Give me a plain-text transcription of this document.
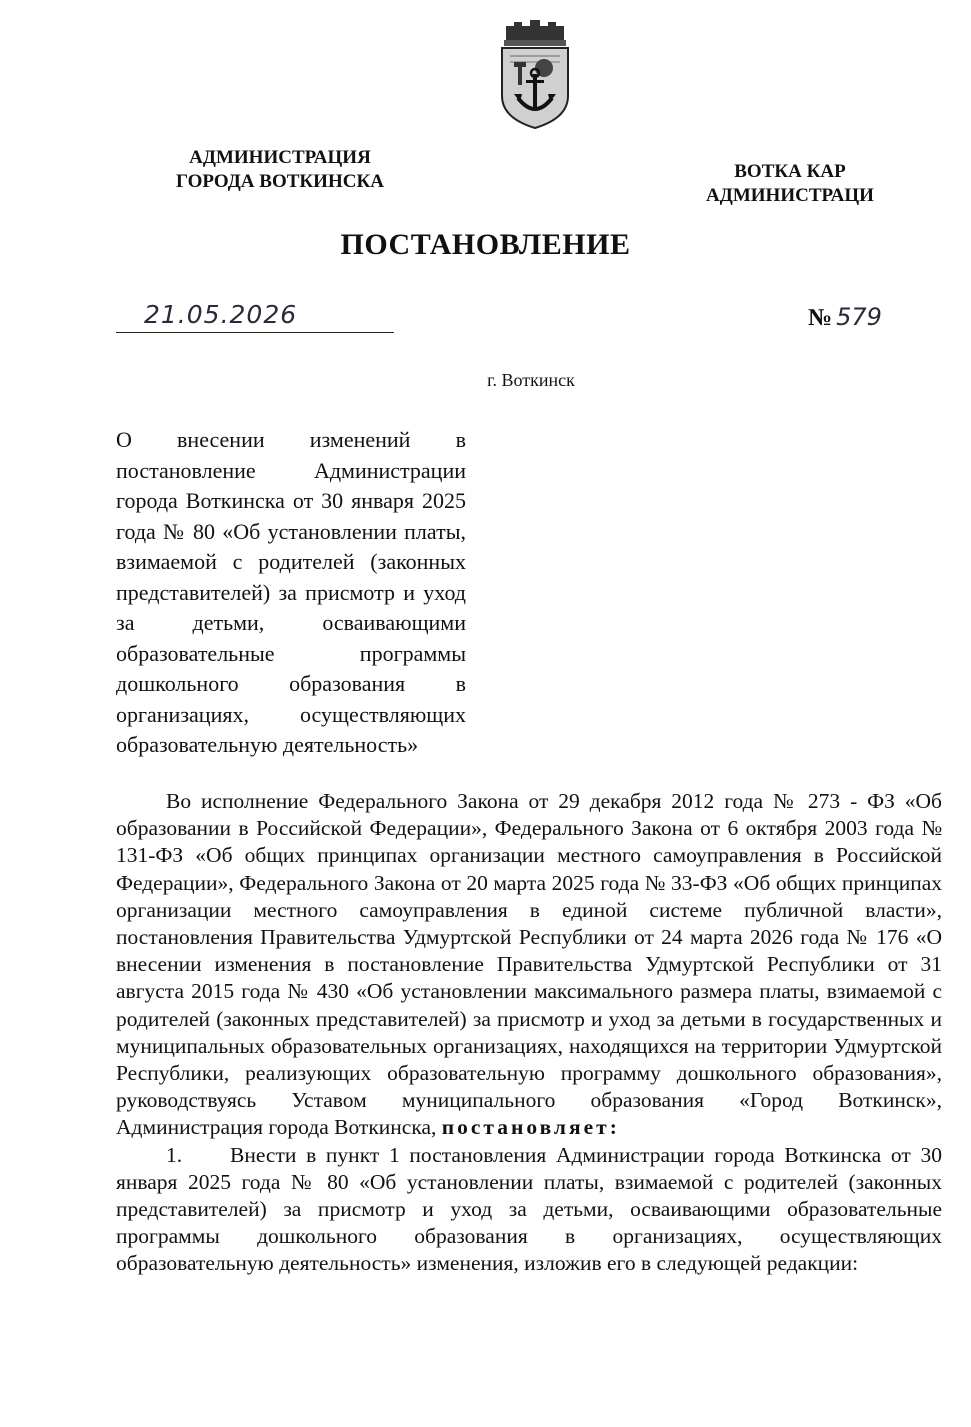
АДМИНИСТРАЦИЯ
ГОРОДА ВОТКИНСКА	ВОТКА КАР
АДМИНИСТРАЦИ
ПОСТАНОВЛЕНИЕ
21.05.2026	№ 579
г. Воткинск
О внесении изменений в постановление Администрации города Воткинска от 30 января 2025 года № 80 «Об установлении платы, взимаемой с родителей (законных представителей) за присмотр и уход за детьми, осваивающими образовательные программы дошкольного образования в организациях, осуществляющих образовательную деятельность»

Во исполнение Федерального Закона от 29 декабря 2012 года № 273 - ФЗ «Об образовании в Российской Федерации», Федерального Закона от 6 октября 2003 года № 131-ФЗ «Об общих принципах организации местного самоуправления в Российской Федерации», Федерального Закона от 20 марта 2025 года № 33-ФЗ «Об общих принципах организации местного самоуправления в единой системе публичной власти», постановления Правительства Удмуртской Республики от 24 марта 2026 года № 176 «О внесении изменения в постановление Правительства Удмуртской Республики от 31 августа 2015 года № 430 «Об установлении максимального размера платы, взимаемой с родителей (законных представителей) за присмотр и уход за детьми в государственных и муниципальных образовательных организациях, находящихся на территории Удмуртской Республики, реализующих образовательную программу дошкольного образования», руководствуясь Уставом муниципального образования «Город Воткинск», Администрация города Воткинска, постановляет:

1. Внести в пункт 1 постановления Администрации города Воткинска от 30 января 2025 года № 80 «Об установлении платы, взимаемой с родителей (законных представителей) за присмотр и уход за детьми, осваивающими образовательные программы дошкольного образования в организациях, осуществляющих образовательную деятельность» изменения, изложив его в следующей редакции:
